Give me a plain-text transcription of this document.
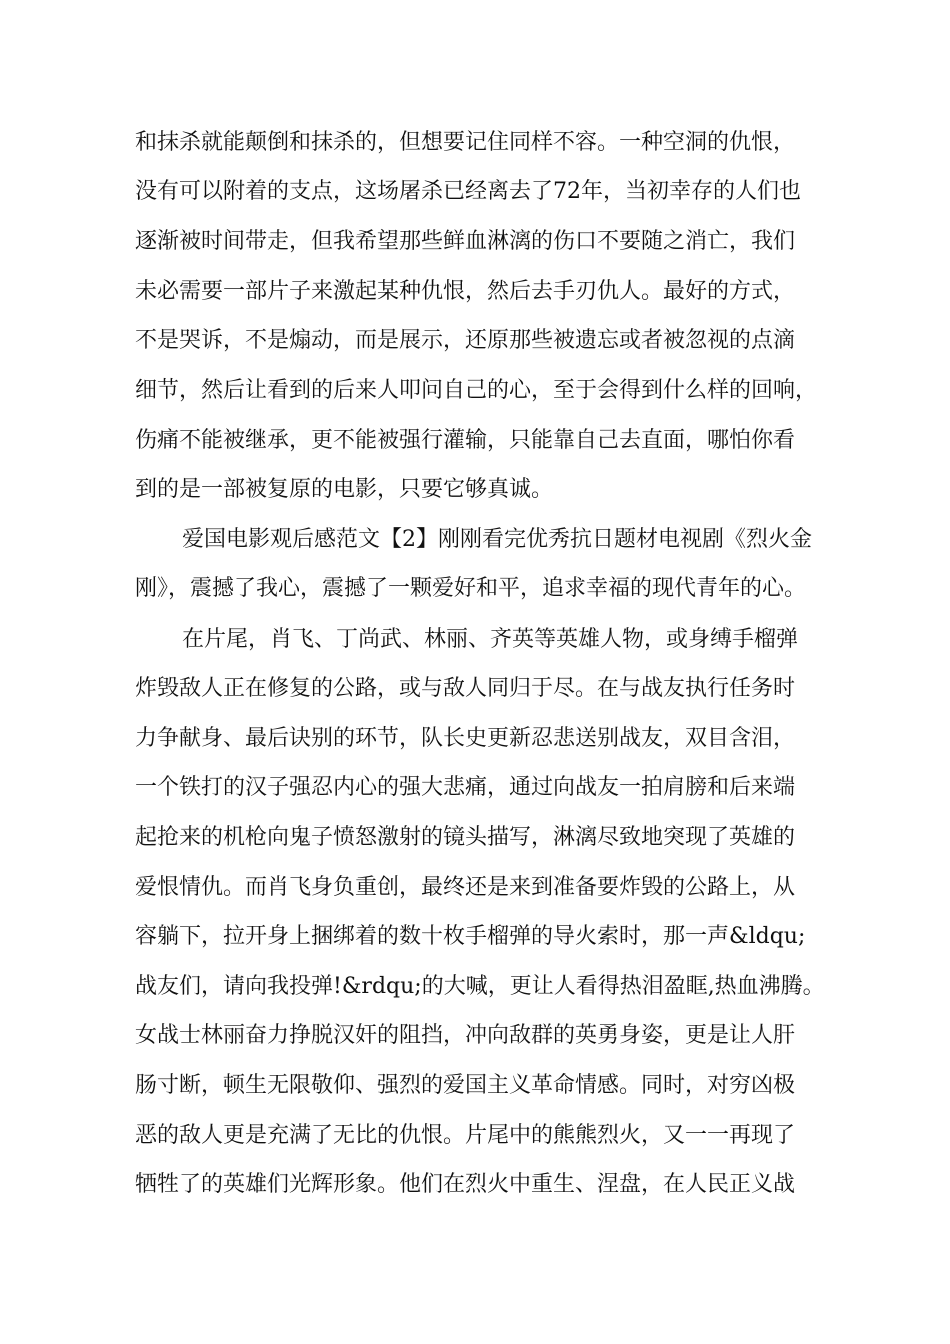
和抹杀就能颠倒和抹杀的，但想要记住同样不容。一种空洞的仇恨，

没有可以附着的支点，这场屠杀已经离去了72年，当初幸存的人们也

逐渐被时间带走，但我希望那些鲜血淋漓的伤口不要随之消亡，我们

未必需要一部片子来激起某种仇恨，然后去手刃仇人。最好的方式，

不是哭诉，不是煽动，而是展示，还原那些被遗忘或者被忽视的点滴

细节，然后让看到的后来人叩问自己的心，至于会得到什么样的回响，

伤痛不能被继承，更不能被强行灌输，只能靠自己去直面，哪怕你看

到的是一部被复原的电影，只要它够真诚。

爱国电影观后感范文【2】刚刚看完优秀抗日题材电视剧《烈火金

刚》，震撼了我心，震撼了一颗爱好和平，追求幸福的现代青年的心。

在片尾，肖飞、丁尚武、林丽、齐英等英雄人物，或身缚手榴弹

炸毁敌人正在修复的公路，或与敌人同归于尽。在与战友执行任务时

力争献身、最后诀别的环节，队长史更新忍悲送别战友，双目含泪，

一个铁打的汉子强忍内心的强大悲痛，通过向战友一拍肩膀和后来端

起抢来的机枪向鬼子愤怒激射的镜头描写，淋漓尽致地突现了英雄的

爱恨情仇。而肖飞身负重创，最终还是来到准备要炸毁的公路上，从

容躺下，拉开身上捆绑着的数十枚手榴弹的导火索时，那一声&ldqu;

战友们，请向我投弹!&rdqu;的大喊，更让人看得热泪盈眶,热血沸腾。

女战士林丽奋力挣脱汉奸的阻挡，冲向敌群的英勇身姿，更是让人肝

肠寸断，顿生无限敬仰、强烈的爱国主义革命情感。同时，对穷凶极

恶的敌人更是充满了无比的仇恨。片尾中的熊熊烈火，又一一再现了

牺牲了的英雄们光辉形象。他们在烈火中重生、涅盘，在人民正义战
